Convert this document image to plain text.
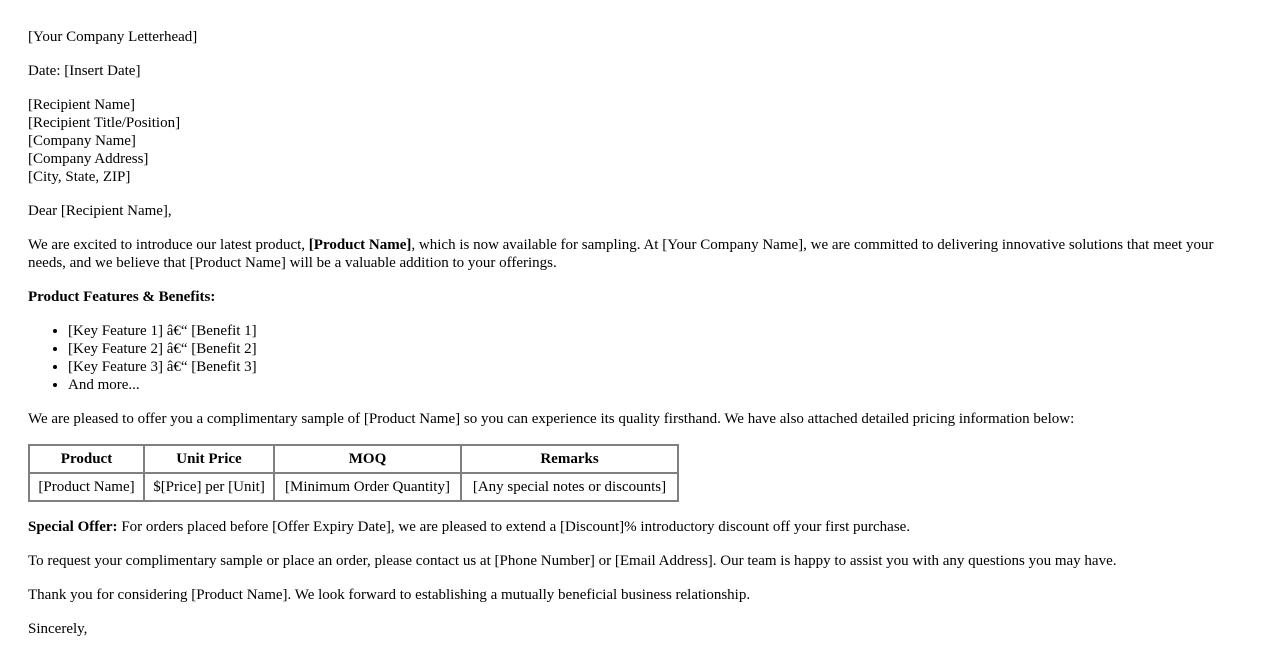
[Your Company Letterhead]

Date: [Insert Date]

[Recipient Name]
[Recipient Title/Position]
[Company Name]
[Company Address]
[City, State, ZIP]

Dear [Recipient Name],

We are excited to introduce our latest product, [Product Name], which is now available for sampling. At [Your Company Name], we are committed to delivering innovative solutions that meet your needs, and we believe that [Product Name] will be a valuable addition to your offerings.

Product Features & Benefits:
• [Key Feature 1] â€“ [Benefit 1]
• [Key Feature 2] â€“ [Benefit 2]
• [Key Feature 3] â€“ [Benefit 3]
• And more...

We are pleased to offer you a complimentary sample of [Product Name] so you can experience its quality firsthand. We have also attached detailed pricing information below:

Product	Unit Price	MOQ	Remarks
[Product Name]	$[Price] per [Unit]	[Minimum Order Quantity]	[Any special notes or discounts]

Special Offer: For orders placed before [Offer Expiry Date], we are pleased to extend a [Discount]% introductory discount off your first purchase.

To request your complimentary sample or place an order, please contact us at [Phone Number] or [Email Address]. Our team is happy to assist you with any questions you may have.

Thank you for considering [Product Name]. We look forward to establishing a mutually beneficial business relationship.

Sincerely,
